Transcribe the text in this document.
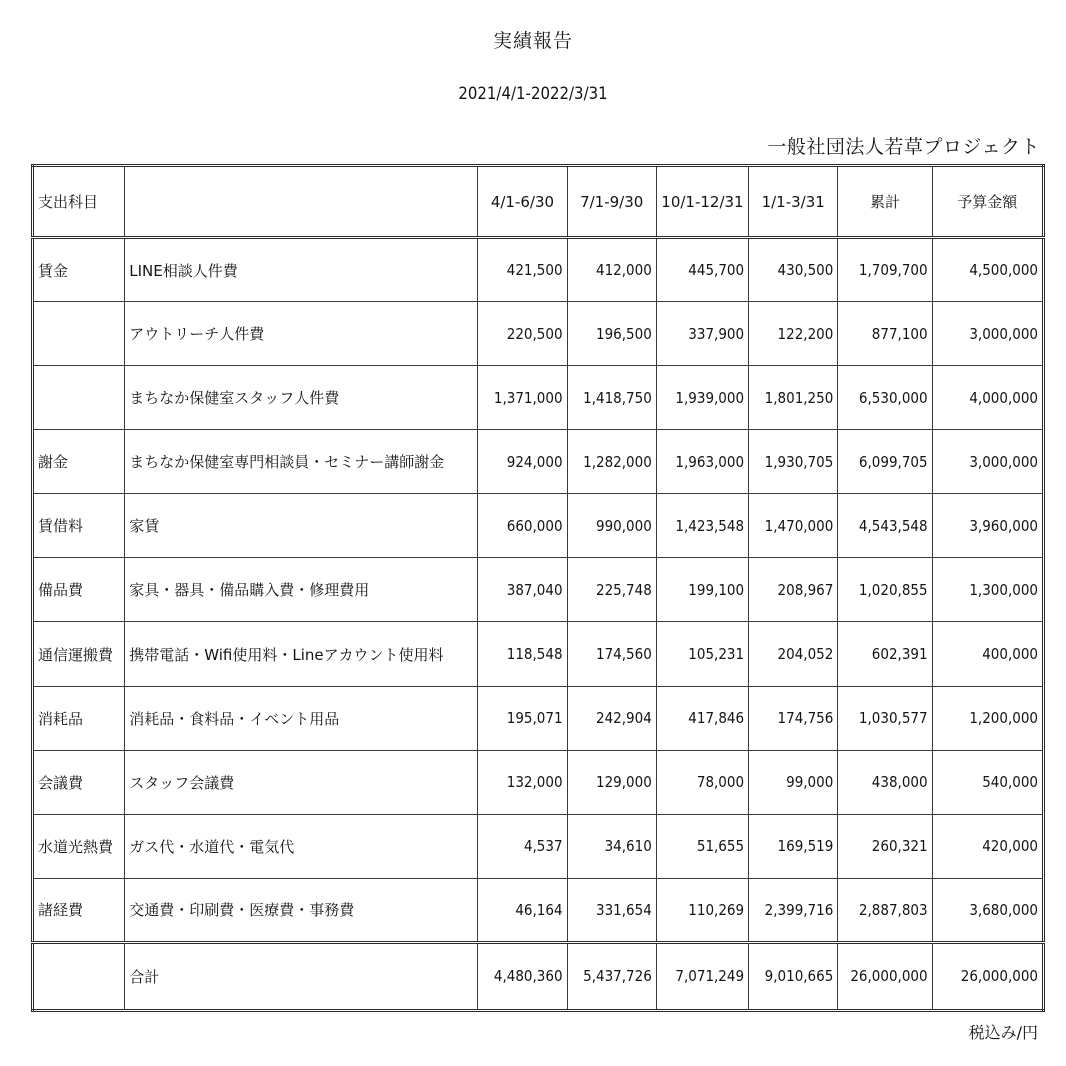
実績報告
2021/4/1-2022/3/31
一般社団法人若草プロジェクト
支出科目		4/1-6/30	7/1-9/30	10/1-12/31	1/1-3/31	累計	予算金額
賃金	LINE相談人件費	421,500	412,000	445,700	430,500	1,709,700	4,500,000
	アウトリーチ人件費	220,500	196,500	337,900	122,200	877,100	3,000,000
	まちなか保健室スタッフ人件費	1,371,000	1,418,750	1,939,000	1,801,250	6,530,000	4,000,000
謝金	まちなか保健室専門相談員・セミナー講師謝金	924,000	1,282,000	1,963,000	1,930,705	6,099,705	3,000,000
賃借料	家賃	660,000	990,000	1,423,548	1,470,000	4,543,548	3,960,000
備品費	家具・器具・備品購入費・修理費用	387,040	225,748	199,100	208,967	1,020,855	1,300,000
通信運搬費	携帯電話・Wifi使用料・Lineアカウント使用料	118,548	174,560	105,231	204,052	602,391	400,000
消耗品	消耗品・食料品・イベント用品	195,071	242,904	417,846	174,756	1,030,577	1,200,000
会議費	スタッフ会議費	132,000	129,000	78,000	99,000	438,000	540,000
水道光熱費	ガス代・水道代・電気代	4,537	34,610	51,655	169,519	260,321	420,000
諸経費	交通費・印刷費・医療費・事務費	46,164	331,654	110,269	2,399,716	2,887,803	3,680,000
	合計	4,480,360	5,437,726	7,071,249	9,010,665	26,000,000	26,000,000
税込み/円
